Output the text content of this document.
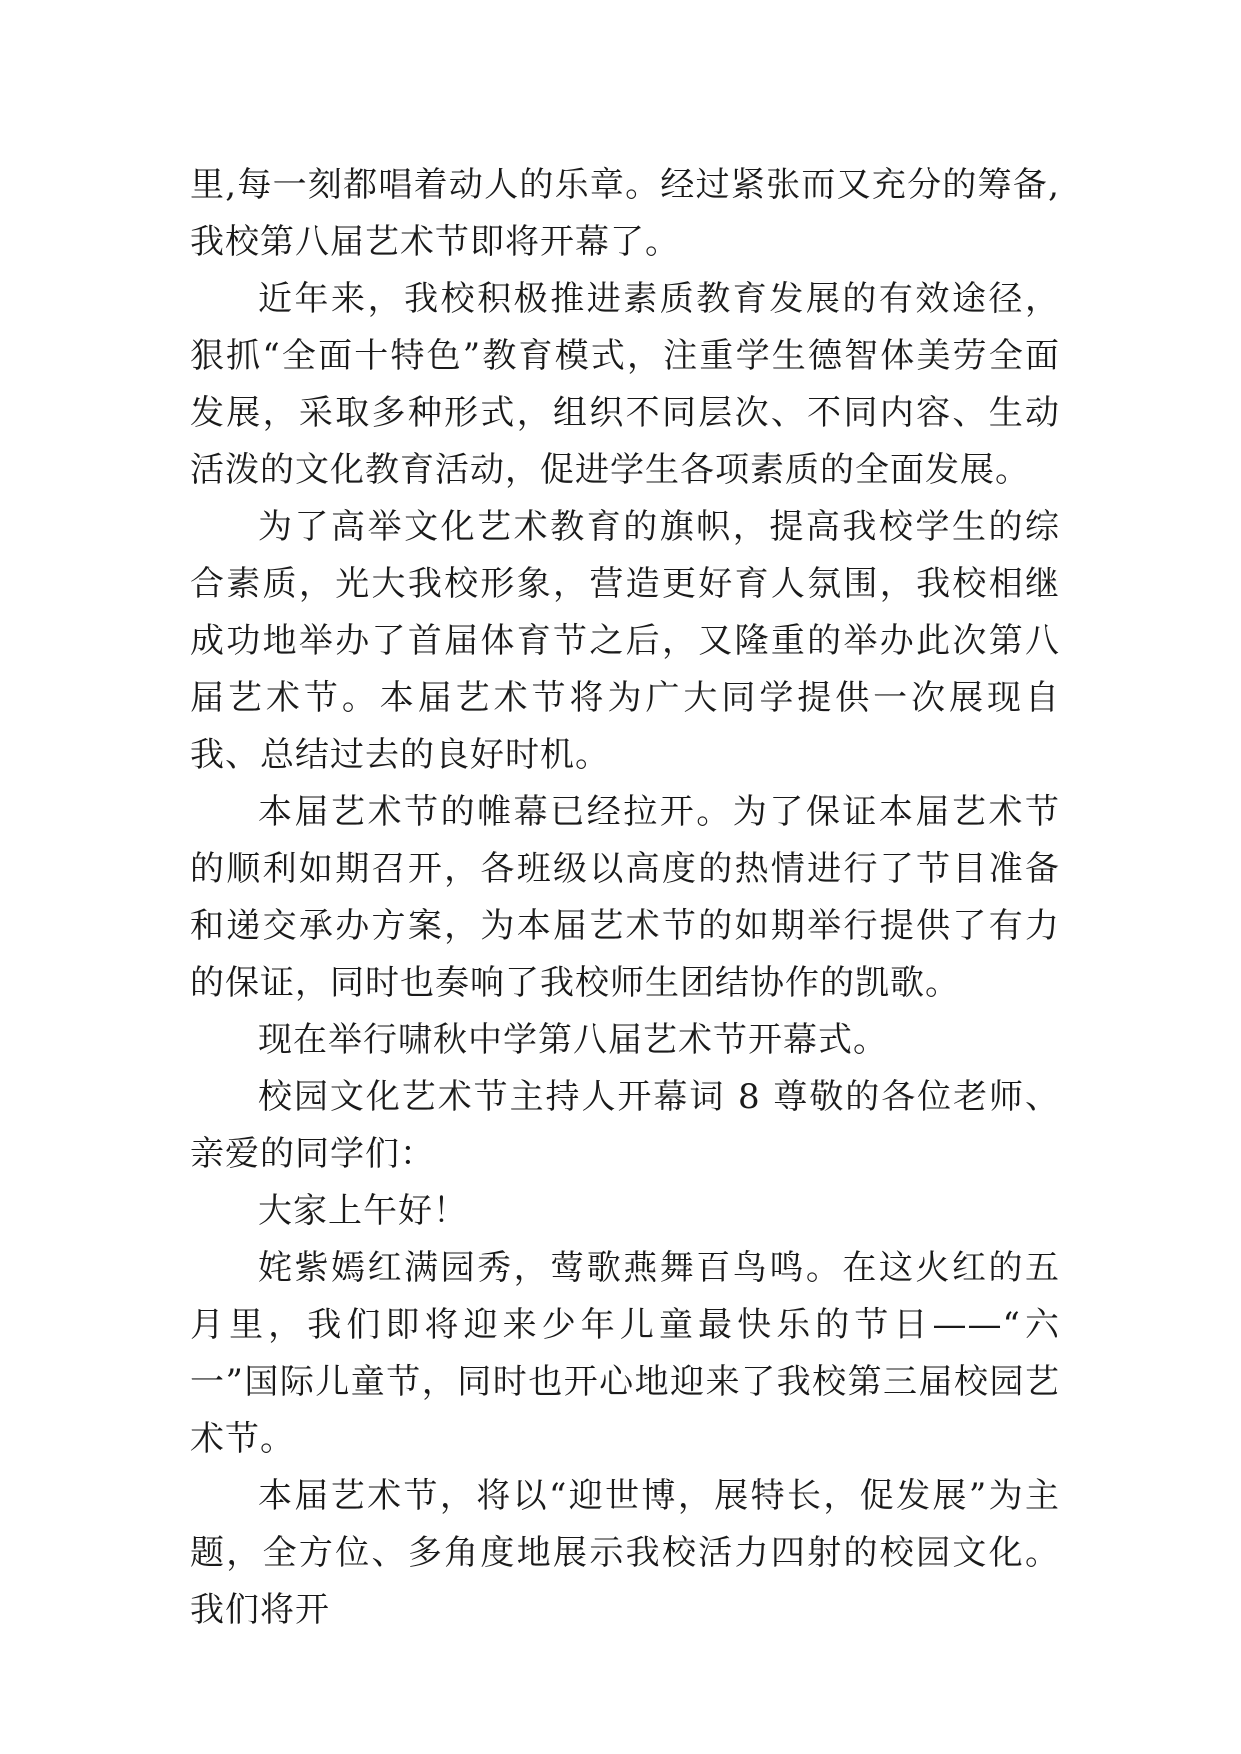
里,每一刻都唱着动人的乐章。经过紧张而又充分的筹备,我校第八届艺术节即将开幕了。

近年来，我校积极推进素质教育发展的有效途径，狠抓“全面十特色”教育模式，注重学生德智体美劳全面发展，采取多种形式，组织不同层次、不同内容、生动活泼的文化教育活动，促进学生各项素质的全面发展。

为了高举文化艺术教育的旗帜，提高我校学生的综合素质，光大我校形象，营造更好育人氛围，我校相继成功地举办了首届体育节之后，又隆重的举办此次第八届艺术节。本届艺术节将为广大同学提供一次展现自我、总结过去的良好时机。

本届艺术节的帷幕已经拉开。为了保证本届艺术节的顺利如期召开，各班级以高度的热情进行了节目准备和递交承办方案，为本届艺术节的如期举行提供了有力的保证，同时也奏响了我校师生团结协作的凯歌。

现在举行啸秋中学第八届艺术节开幕式。

校园文化艺术节主持人开幕词 8 尊敬的各位老师、亲爱的同学们：

大家上午好！

姹紫嫣红满园秀，莺歌燕舞百鸟鸣。在这火红的五月里，我们即将迎来少年儿童最快乐的节日——“六一”国际儿童节，同时也开心地迎来了我校第三届校园艺术节。

本届艺术节，将以“迎世博，展特长，促发展”为主题，全方位、多角度地展示我校活力四射的校园文化。我们将开
